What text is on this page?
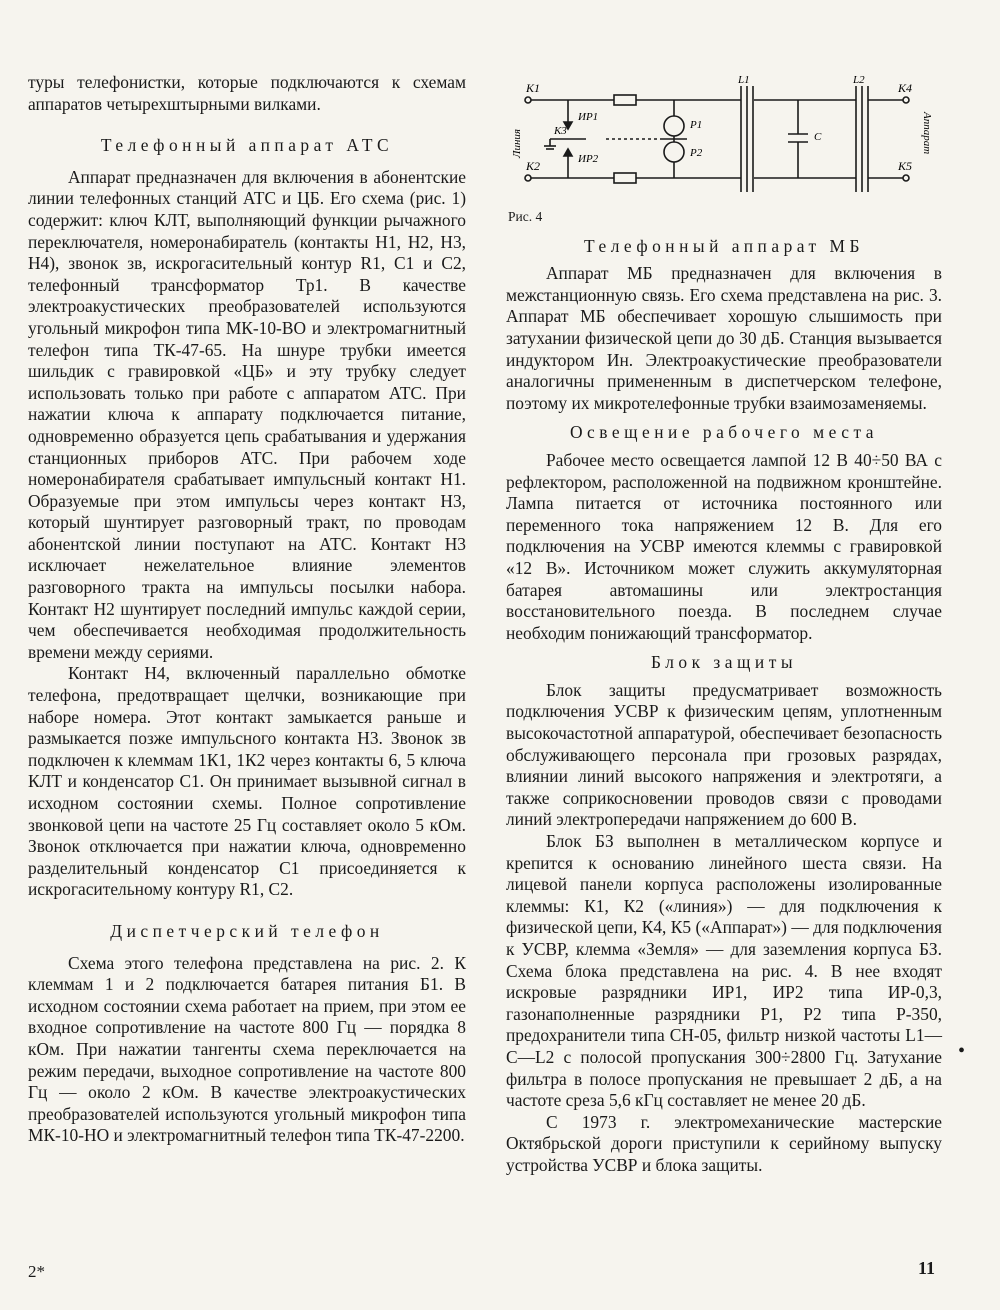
туры телефонистки, которые подключаются к схемам аппаратов четырехштырными вилками.

Телефонный аппарат АТС

Аппарат предназначен для включения в абонентские линии телефонных станций АТС и ЦБ. Его схема (рис. 1) содержит: ключ КЛТ, выполняющий функции рычажного переключателя, номеронабиратель (контакты Н1, Н2, Н3, Н4), звонок зв, искрогасительный контур R1, C1 и C2, телефонный трансформатор Тр1. В качестве электроакустических преобразователей используются угольный микрофон типа МК-10-ВО и электромагнитный телефон типа ТК-47-65. На шнуре трубки имеется шильдик с гравировкой «ЦБ» и эту трубку следует использовать только при работе с аппаратом АТС. При нажатии ключа к аппарату подключается питание, одновременно образуется цепь срабатывания и удержания станционных приборов АТС. При рабочем ходе номеронабирателя срабатывает импульсный контакт Н1. Образуемые при этом импульсы через контакт Н3, который шунтирует разговорный тракт, по проводам абонентской линии поступают на АТС. Контакт Н3 исключает нежелательное влияние элементов разговорного тракта на импульсы посылки набора. Контакт Н2 шунтирует последний импульс каждой серии, чем обеспечивается необходимая продолжительность времени между сериями.

Контакт Н4, включенный параллельно обмотке телефона, предотвращает щелчки, возникающие при наборе номера. Этот контакт замыкается раньше и размыкается позже импульсного контакта Н3. Звонок зв подключен к клеммам 1К1, 1К2 через контакты 6, 5 ключа КЛТ и конденсатор С1. Он принимает вызывной сигнал в исходном состоянии схемы. Полное сопротивление звонковой цепи на частоте 25 Гц составляет около 5 кОм. Звонок отключается при нажатии ключа, одновременно разделительный конденсатор С1 присоединяется к искрогасительному контуру R1, C2.

Диспетчерский телефон

Схема этого телефона представлена на рис. 2. К клеммам 1 и 2 подключается батарея питания Б1. В исходном состоянии схема работает на прием, при этом ее входное сопротивление на частоте 800 Гц — порядка 8 кОм. При нажатии тангенты схема переключается на режим передачи, выходное сопротивление на частоте 800 Гц — около 2 кОм. В качестве электроакустических преобразователей используются угольный микрофон типа МК-10-НО и электромагнитный телефон типа ТК-47-2200.

К1
К2
К3
ИР1
ИР2
Р1
Р2
С
L1	L2
К4
К5
Линия	Аппарат

Рис. 4

Телефонный аппарат МБ

Аппарат МБ предназначен для включения в межстанционную связь. Его схема представлена на рис. 3. Аппарат МБ обеспечивает хорошую слышимость при затухании физической цепи до 30 дБ. Станция вызывается индуктором Ин. Электроакустические преобразователи аналогичны примененным в диспетчерском телефоне, поэтому их микротелефонные трубки взаимозаменяемы.

Освещение рабочего места

Рабочее место освещается лампой 12 В 40÷50 ВА с рефлектором, расположенной на подвижном кронштейне. Лампа питается от источника постоянного или переменного тока напряжением 12 В. Для его подключения на УСВР имеются клеммы с гравировкой «12 В». Источником может служить аккумуляторная батарея автомашины или электростанция восстановительного поезда. В последнем случае необходим понижающий трансформатор.

Блок защиты

Блок защиты предусматривает возможность подключения УСВР к физическим цепям, уплотненным высокочастотной аппаратурой, обеспечивает безопасность обслуживающего персонала при грозовых разрядах, влиянии линий высокого напряжения и электротяги, а также соприкосновении проводов связи с проводами линий электропередачи напряжением до 600 В.

Блок БЗ выполнен в металлическом корпусе и крепится к основанию линейного шеста связи. На лицевой панели корпуса расположены изолированные клеммы: К1, К2 («линия») — для подключения к физической цепи, К4, К5 («Аппарат») — для подключения к УСВР, клемма «Земля» — для заземления корпуса БЗ. Схема блока представлена на рис. 4. В нее входят искровые разрядники ИР1, ИР2 типа ИР-0,3, газонаполненные разрядники Р1, Р2 типа Р-350, предохранители типа СН-05, фильтр низкой частоты L1—C—L2 с полосой пропускания 300÷2800 Гц. Затухание фильтра в полосе пропускания не превышает 2 дБ, а на частоте среза 5,6 кГц составляет не менее 20 дБ.

С 1973 г. электромеханические мастерские Октябрьской дороги приступили к серийному выпуску устройства УСВР и блока защиты.

2*	11
•
